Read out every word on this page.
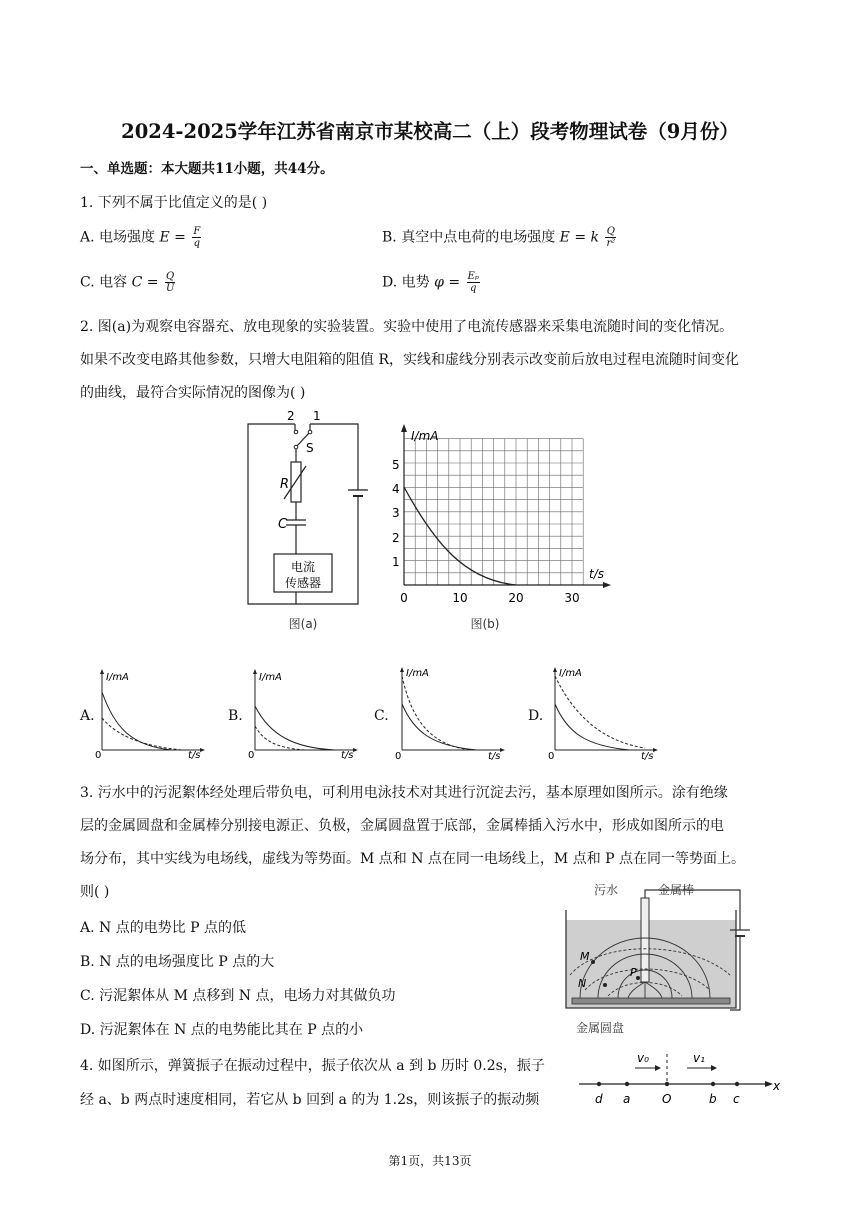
2024-2025学年江苏省南京市某校高二（上）段考物理试卷（9月份）
一、单选题：本大题共11小题，共44分。
1. 下列不属于比值定义的是( )
A. 电场强度 $E = \frac{F}{q}$	B. 真空中点电荷的电场强度 E = k $\frac{Q}{\text{r²}}$
C. 电容 $C = \frac{Q}{U}$	D. 电势 $\varphi = \frac{\text{Eₚ}}{q}$
2. 图(a)为观察电容器充、放电现象的实验装置。实验中使用了电流传感器来采集电流随时间的变化情况。
如果不改变电路其他参数，只增大电阻箱的阻值 R，实线和虚线分别表示改变前后放电过程电流随时间变化
的曲线，最符合实际情况的图像为( )
2 1
S
R
C
电流
传感器
图(a)
I/mA
t/s
1
2
3
4
5
0	10	20	30
图(b)
A.	B.	C.	D.
I/mA
t/s
0
I/mA
t/s
0
I/mA
t/s
0
I/mA
t/s
0
3. 污水中的污泥絮体经处理后带负电，可利用电泳技术对其进行沉淀去污，基本原理如图所示。涂有绝缘
层的金属圆盘和金属棒分别接电源正、负极，金属圆盘置于底部，金属棒插入污水中，形成如图所示的电
场分布，其中实线为电场线，虚线为等势面。M 点和 N 点在同一电场线上，M 点和 P 点在同一等势面上。
则( )
A. N 点的电势比 P 点的低
B. N 点的电场强度比 P 点的大
C. 污泥絮体从 M 点移到 N 点，电场力对其做负功
D. 污泥絮体在 N 点的电势能比其在 P 点的小
污水	金属棒
M
N
P
金属圆盘
4. 如图所示，弹簧振子在振动过程中，振子依次从 a 到 b 历时 0.2s，振子
经 a、b 两点时速度相同，若它从 b 回到 a 的为 1.2s，则该振子的振动频
v₀	v₁
d a	O	b c
x
第1页，共13页
